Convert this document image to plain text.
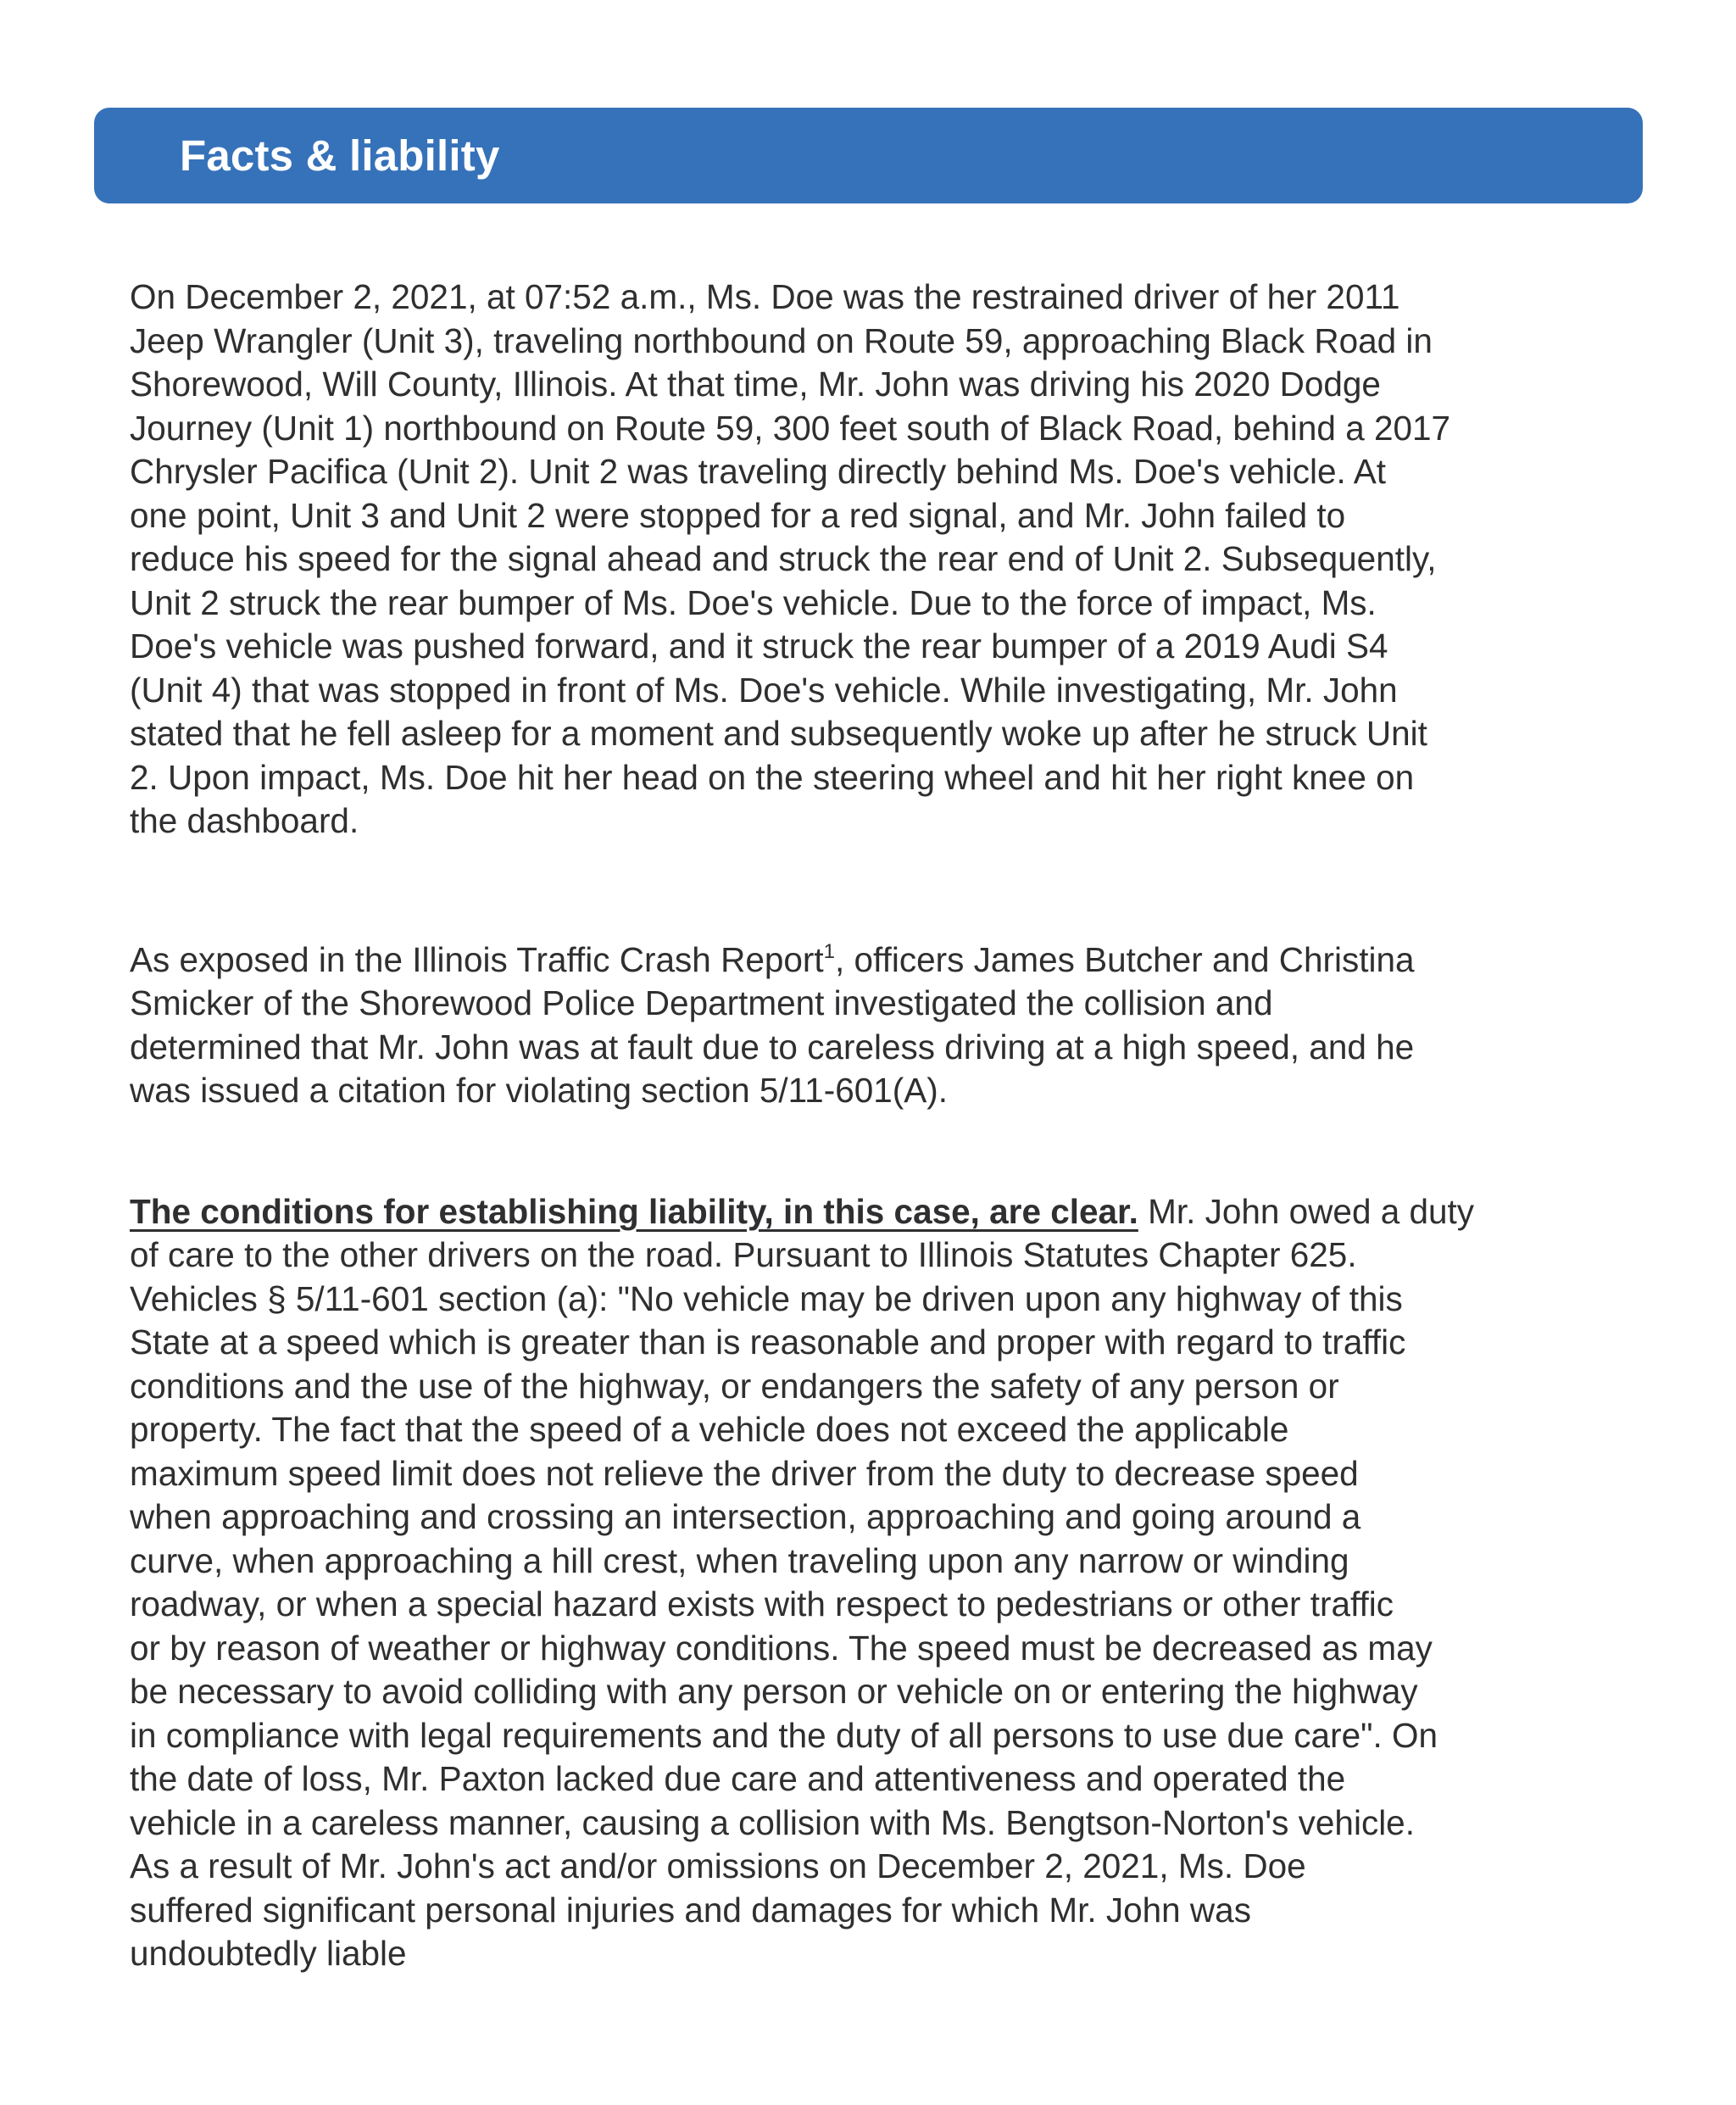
Facts & liability

On December 2, 2021, at 07:52 a.m., Ms. Doe was the restrained driver of her 2011
Jeep Wrangler (Unit 3), traveling northbound on Route 59, approaching Black Road in
Shorewood, Will County, Illinois. At that time, Mr. John was driving his 2020 Dodge
Journey (Unit 1) northbound on Route 59, 300 feet south of Black Road, behind a 2017
Chrysler Pacifica (Unit 2). Unit 2 was traveling directly behind Ms. Doe's vehicle. At
one point, Unit 3 and Unit 2 were stopped for a red signal, and Mr. John failed to
reduce his speed for the signal ahead and struck the rear end of Unit 2. Subsequently,
Unit 2 struck the rear bumper of Ms. Doe's vehicle. Due to the force of impact, Ms.
Doe's vehicle was pushed forward, and it struck the rear bumper of a 2019 Audi S4
(Unit 4) that was stopped in front of Ms. Doe's vehicle. While investigating, Mr. John
stated that he fell asleep for a moment and subsequently woke up after he struck Unit
2. Upon impact, Ms. Doe hit her head on the steering wheel and hit her right knee on
the dashboard.

As exposed in the Illinois Traffic Crash Report$^1$, officers James Butcher and Christina
Smicker of the Shorewood Police Department investigated the collision and
determined that Mr. John was at fault due to careless driving at a high speed, and he
was issued a citation for violating section 5/11-601(A).

The conditions for establishing liability, in this case, are clear. Mr. John owed a duty
of care to the other drivers on the road. Pursuant to Illinois Statutes Chapter 625.
Vehicles § 5/11-601 section (a): "No vehicle may be driven upon any highway of this
State at a speed which is greater than is reasonable and proper with regard to traffic
conditions and the use of the highway, or endangers the safety of any person or
property. The fact that the speed of a vehicle does not exceed the applicable
maximum speed limit does not relieve the driver from the duty to decrease speed
when approaching and crossing an intersection, approaching and going around a
curve, when approaching a hill crest, when traveling upon any narrow or winding
roadway, or when a special hazard exists with respect to pedestrians or other traffic
or by reason of weather or highway conditions. The speed must be decreased as may
be necessary to avoid colliding with any person or vehicle on or entering the highway
in compliance with legal requirements and the duty of all persons to use due care". On
the date of loss, Mr. Paxton lacked due care and attentiveness and operated the
vehicle in a careless manner, causing a collision with Ms. Bengtson-Norton's vehicle.
As a result of Mr. John's act and/or omissions on December 2, 2021, Ms. Doe
suffered significant personal injuries and damages for which Mr. John was
undoubtedly liable
